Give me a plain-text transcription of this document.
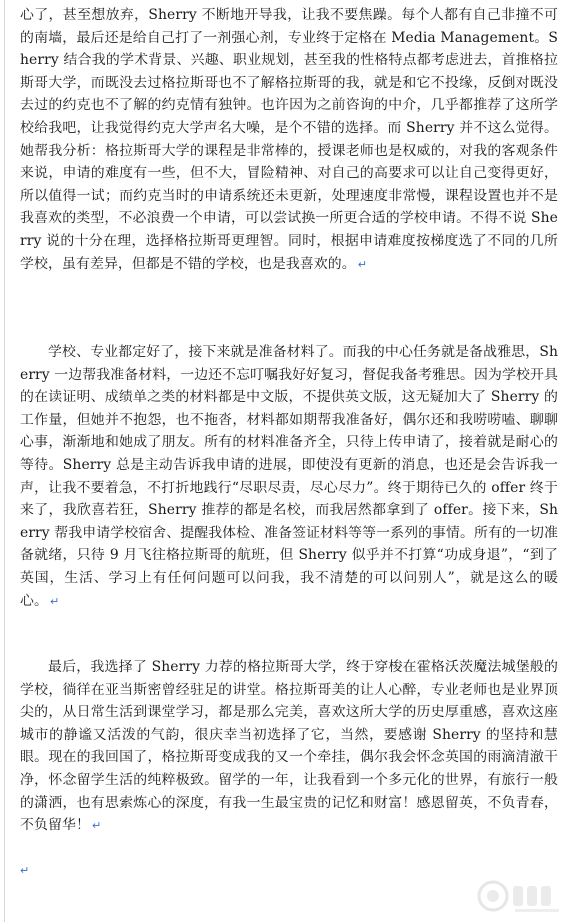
心了，甚至想放弃，Sherry 不断地开导我，让我不要焦躁。每个人都有自己非撞不可的南墙，最后还是给自己打了一剂强心剂，专业终于定格在 Media Management。Sherry 结合我的学术背景、兴趣、职业规划，甚至我的性格特点都考虑进去，首推格拉斯哥大学，而既没去过格拉斯哥也不了解格拉斯哥的我，就是和它不投缘，反倒对既没去过的约克也不了解的约克情有独钟。也许因为之前咨询的中介，几乎都推荐了这所学校给我吧，让我觉得约克大学声名大噪，是个不错的选择。而 Sherry 并不这么觉得。她帮我分析：格拉斯哥大学的课程是非常棒的，授课老师也是权威的，对我的客观条件来说，申请的难度有一些，但不大，冒险精神、对自己的高要求可以让自己变得更好，所以值得一试；而约克当时的申请系统还未更新，处理速度非常慢，课程设置也并不是我喜欢的类型，不必浪费一个申请，可以尝试换一所更合适的学校申请。不得不说 Sherry 说的十分在理，选择格拉斯哥更理智。同时，根据申请难度按梯度选了不同的几所学校，虽有差异，但都是不错的学校，也是我喜欢的。 ↵

学校、专业都定好了，接下来就是准备材料了。而我的中心任务就是备战雅思，Sherry 一边帮我准备材料，一边还不忘叮嘱我好好复习，督促我备考雅思。因为学校开具的在读证明、成绩单之类的材料都是中文版，不提供英文版，这无疑加大了 Sherry 的工作量，但她并不抱怨，也不拖沓，材料都如期帮我准备好，偶尔还和我唠唠嗑、聊聊心事，渐渐地和她成了朋友。所有的材料准备齐全，只待上传申请了，接着就是耐心的等待。Sherry 总是主动告诉我申请的进展，即使没有更新的消息，也还是会告诉我一声，让我不要着急，不打折地践行“尽职尽责，尽心尽力”。终于期待已久的 offer 终于来了，我欣喜若狂，Sherry 推荐的都是名校，而我居然都拿到了 offer。接下来，Sherry 帮我申请学校宿舍、提醒我体检、准备签证材料等等一系列的事情。所有的一切准备就绪，只待 9 月飞往格拉斯哥的航班，但 Sherry 似乎并不打算“功成身退”，“到了英国，生活、学习上有任何问题可以问我，我不清楚的可以问别人”，就是这么的暖心。 ↵

最后，我选择了 Sherry 力荐的格拉斯哥大学，终于穿梭在霍格沃茨魔法城堡般的学校，徜徉在亚当斯密曾经驻足的讲堂。格拉斯哥美的让人心醉，专业老师也是业界顶尖的，从日常生活到课堂学习，都是那么完美，喜欢这所大学的历史厚重感，喜欢这座城市的静谧又活泼的气韵，很庆幸当初选择了它，当然，要感谢 Sherry 的坚持和慧眼。现在的我回国了，格拉斯哥变成我的又一个牵挂，偶尔我会怀念英国的雨滴清澈干净，怀念留学生活的纯粹极致。留学的一年，让我看到一个多元化的世界，有旅行一般的潇洒，也有思索炼心的深度，有我一生最宝贵的记忆和财富！感恩留英，不负青春，不负留华！ ↵

↵
